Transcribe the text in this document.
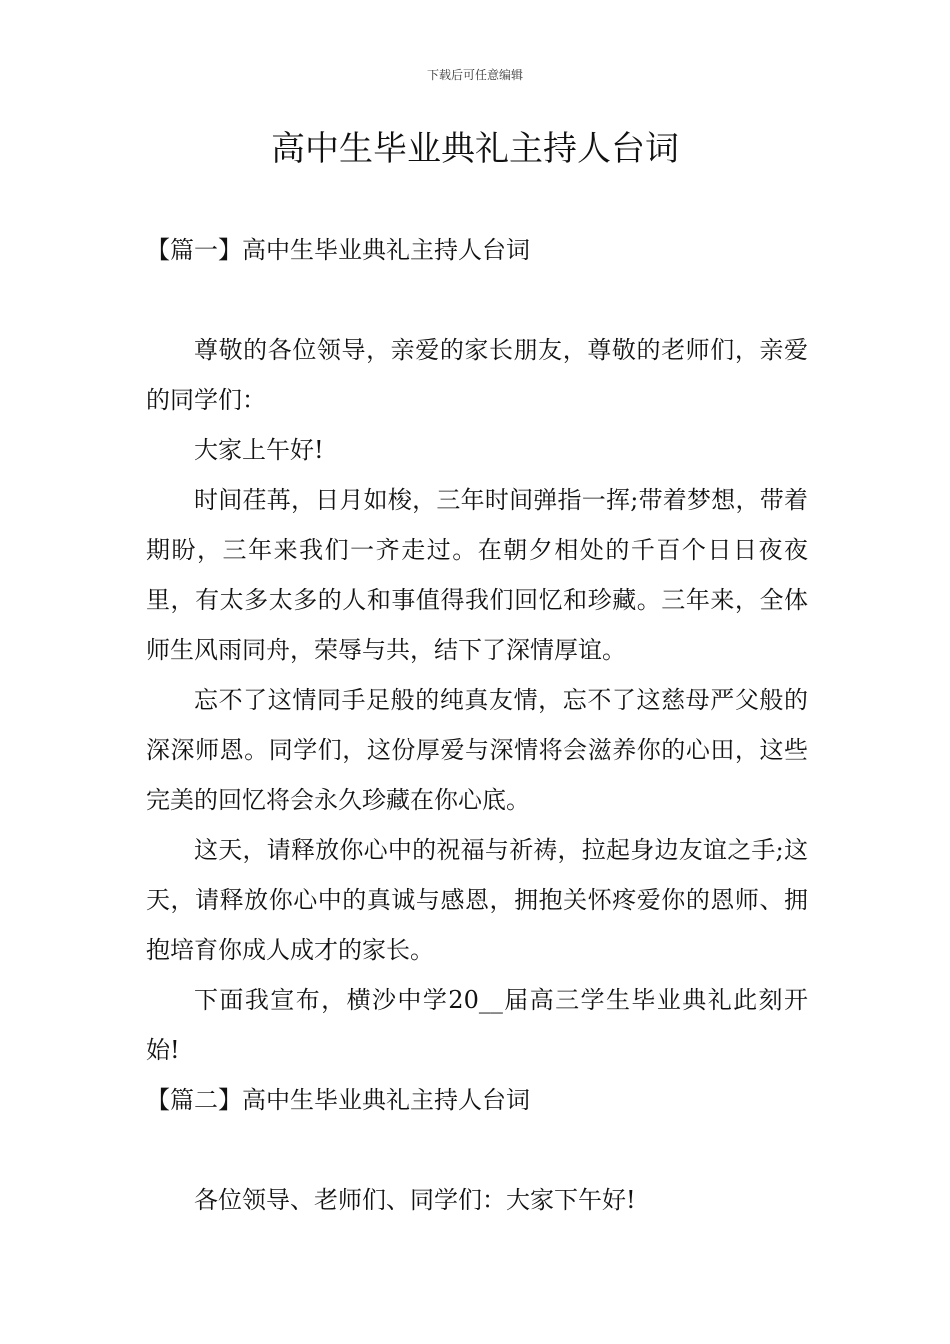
下载后可任意编辑
高中生毕业典礼主持人台词
【篇一】高中生毕业典礼主持人台词

尊敬的各位领导，亲爱的家长朋友，尊敬的老师们，亲爱的同学们：

大家上午好!

时间荏苒，日月如梭，三年时间弹指一挥;带着梦想，带着期盼，三年来我们一齐走过。在朝夕相处的千百个日日夜夜里，有太多太多的人和事值得我们回忆和珍藏。三年来，全体师生风雨同舟，荣辱与共，结下了深情厚谊。

忘不了这情同手足般的纯真友情，忘不了这慈母严父般的深深师恩。同学们，这份厚爱与深情将会滋养你的心田，这些完美的回忆将会永久珍藏在你心底。

这天，请释放你心中的祝福与祈祷，拉起身边友谊之手;这天，请释放你心中的真诚与感恩，拥抱关怀疼爱你的恩师、拥抱培育你成人成才的家长。

下面我宣布，横沙中学20__届高三学生毕业典礼此刻开始!

【篇二】高中生毕业典礼主持人台词

各位领导、老师们、同学们：大家下午好!
